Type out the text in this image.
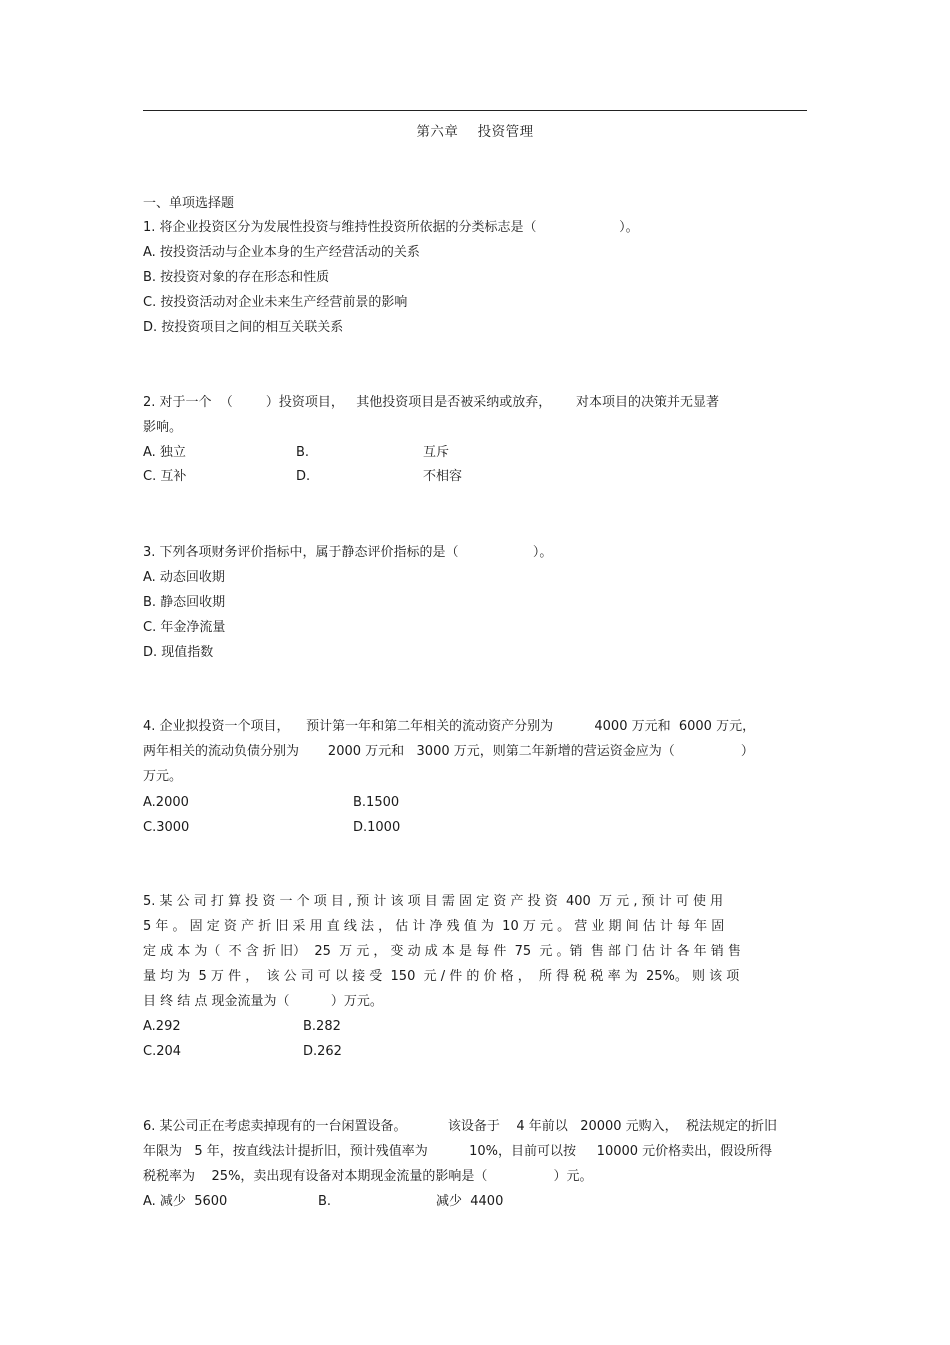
第六章    投资管理
一、单项选择题
1. 将企业投资区分为发展性投资与维持性投资所依据的分类标志是（                    ）。
A. 按投资活动与企业本身的生产经营活动的关系
B. 按投资对象的存在形态和性质
C. 按投资活动对企业未来生产经营前景的影响
D. 按投资项目之间的相互关联关系
2. 对于一个  （        ）投资项目，   其他投资项目是否被采纳或放弃，      对本项目的决策并无显著
影响。
A. 独立	B.	互斥
C. 互补	D.	不相容
3. 下列各项财务评价指标中，属于静态评价指标的是（                  ）。
A. 动态回收期
B. 静态回收期
C. 年金净流量
D. 现值指数
4. 企业拟投资一个项目，    预计第一年和第二年相关的流动资产分别为          4000 万元和  6000 万元，
两年相关的流动负债分别为       2000 万元和   3000 万元，则第二年新增的营运资金应为（                ）
万元。
A.2000	B.1500
C.3000	D.1000
5. 某 公 司 打 算 投 资 一 个 项 目 , 预 计 该 项 目 需 固 定 资 产 投 资  400  万 元 , 预 计 可 使 用
5 年 。 固 定 资 产 折 旧 采 用 直 线 法 ， 估 计 净 残 值 为  10 万 元 。 营 业 期 间 估 计 每 年 固
定 成 本 为（  不 含 折 旧）  25  万 元 ， 变 动 成 本 是 每 件  75  元 。销  售 部 门 估 计 各 年 销 售
量 均 为  5 万 件 ，  该 公 司 可 以 接 受  150  元 / 件 的 价 格 ，  所 得 税 税 率 为  25%。 则 该 项
目 终 结 点 现金流量为（          ）万元。
A.292	B.282
C.204	D.262
6. 某公司正在考虑卖掉现有的一台闲置设备。          该设备于    4 年前以   20000 元购入，  税法规定的折旧
年限为   5 年，按直线法计提折旧，预计残值率为          10%，目前可以按     10000 元价格卖出，假设所得
税税率为    25%，卖出现有设备对本期现金流量的影响是（                ）元。
A. 减少  5600	B.	减少  4400
